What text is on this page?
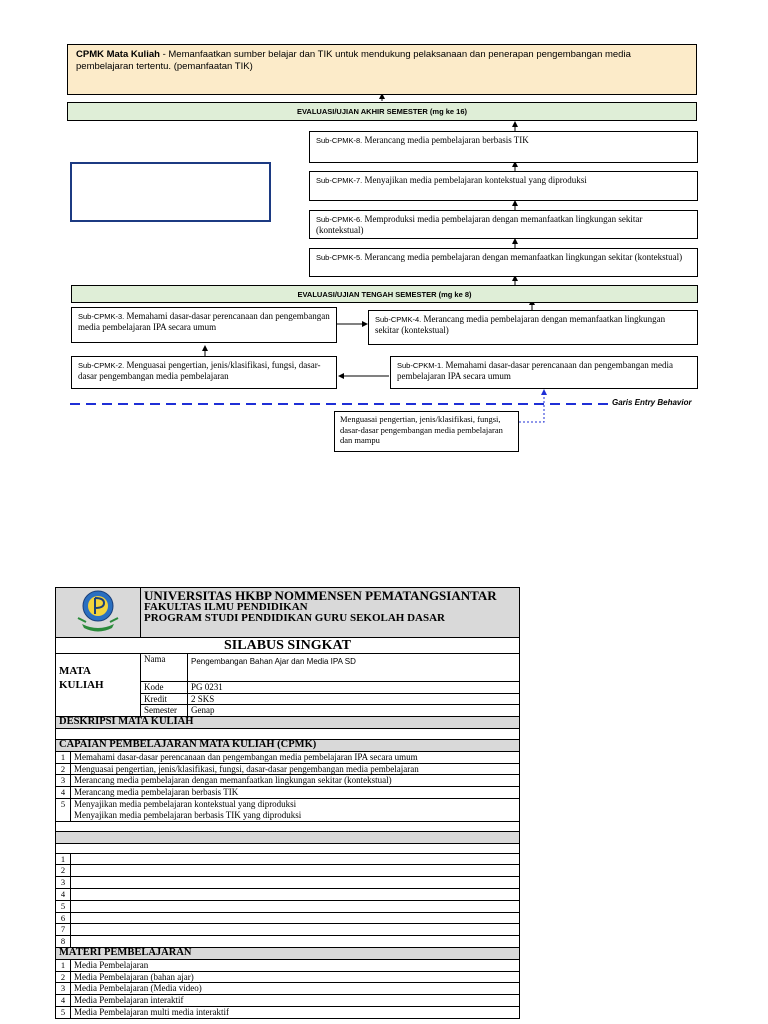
CPMK Mata Kuliah - Memanfaatkan sumber belajar dan TIK untuk mendukung pelaksanaan dan penerapan pengembangan media pembelajaran tertentu. (pemanfaatan TIK)
EVALUASI/UJIAN AKHIR SEMESTER (mg ke 16)
Sub-CPMK-8. Merancang media pembelajaran berbasis TIK
Sub-CPMK-7. Menyajikan media pembelajaran kontekstual yang diproduksi
Sub-CPMK-6. Memproduksi media pembelajaran dengan memanfaatkan lingkungan sekitar (kontekstual)
Sub-CPMK-5. Merancang media pembelajaran dengan memanfaatkan lingkungan sekitar (kontekstual)
EVALUASI/UJIAN TENGAH SEMESTER (mg ke 8)
Sub-CPMK-3. Memahami dasar-dasar perencanaan dan pengembangan media pembelajaran IPA secara umum
Sub-CPMK-4. Merancang media pembelajaran dengan memanfaatkan lingkungan sekitar (kontekstual)
Sub-CPMK-2. Menguasai pengertian, jenis/klasifikasi, fungsi, dasar-dasar pengembangan media pembelajaran
Sub-CPKM-1. Memahami dasar-dasar perencanaan dan pengembangan media pembelajaran IPA secara umum
Garis Entry Behavior
Menguasai pengertian, jenis/klasifikasi, fungsi, dasar-dasar pengembangan media pembelajaran dan mampu

UNIVERSITAS HKBP NOMMENSEN PEMATANGSIANTAR
FAKULTAS ILMU PENDIDIKAN
PROGRAM STUDI PENDIDIKAN GURU SEKOLAH DASAR	

SILABUS SINGKAT			

MATA KULIAH		Nama	Pengembangan Bahan Ajar dan Media IPA SD
		Kode	PG 0231
		Kredit	2 SKS
		Semester	Genap
DESKRIPSI MATA KULIAH			

CAPAIAN PEMBELAJARAN MATA KULIAH (CPMK)			
1	Memahami dasar-dasar perencanaan dan pengembangan media pembelajaran IPA secara umum		
2	Menguasai pengertian, jenis/klasifikasi, fungsi, dasar-dasar pengembangan media pembelajaran		
3	Merancang media pembelajaran dengan memanfaatkan lingkungan sekitar (kontekstual)		
4	Merancang media pembelajaran berbasis TIK		
5	Menyajikan media pembelajaran kontekstual yang diproduksi
Menyajikan media pembelajaran berbasis TIK yang diproduksi		

1			
2			
3			
4			
5			
6			
7			
8			
MATERI PEMBELAJARAN			
1	Media Pembelajaran		
2	Media Pembelajaran (bahan ajar)		
3	Media Pembelajaran (Media video)		
4	Media Pembelajaran interaktif		
5	Media Pembelajaran multi media interaktif		
